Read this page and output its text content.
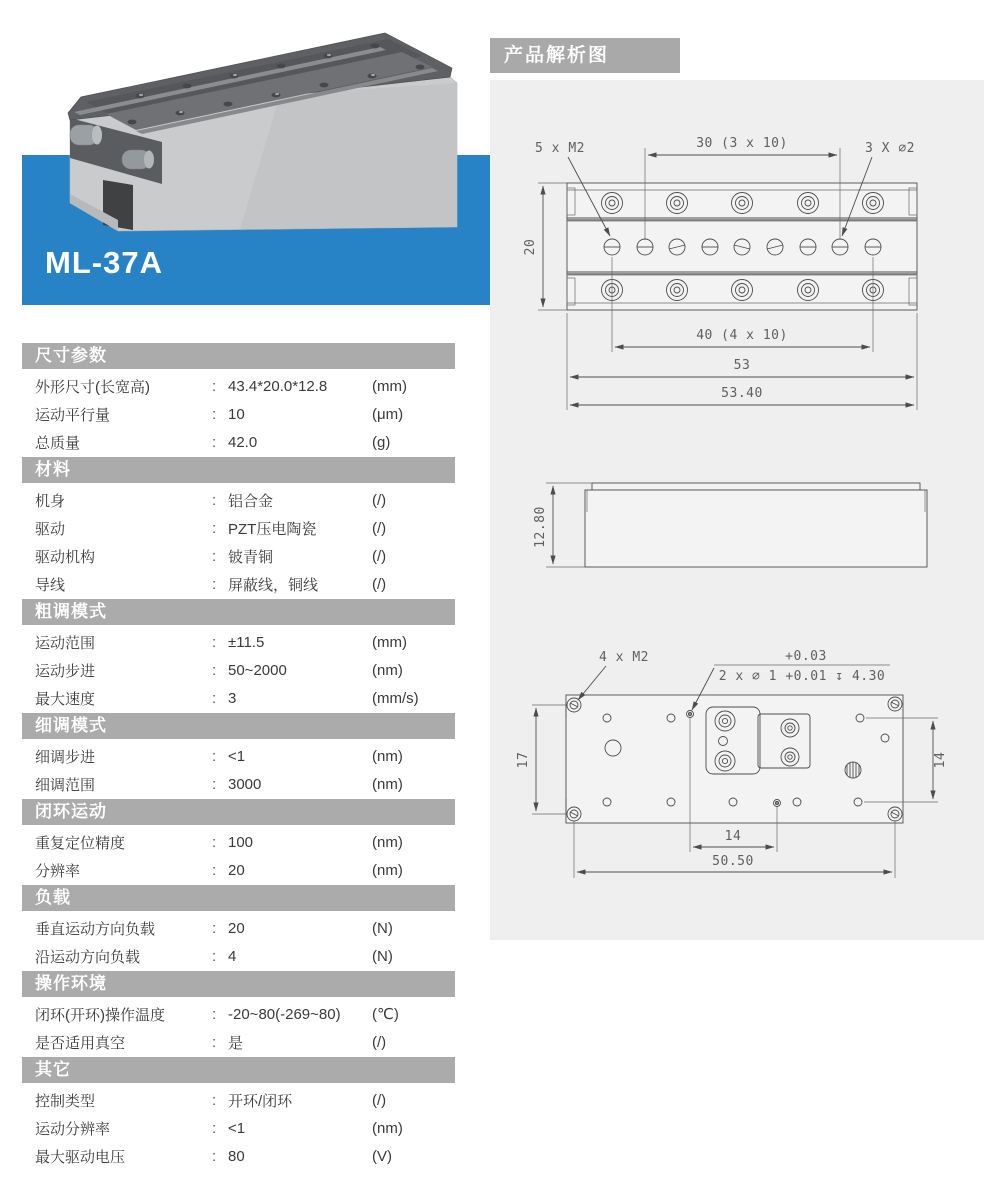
ML-37A
产品解析图
20
5 x M2	30 (3 x 10)	3 X ∅2
40 (4 x 10)
53
53.40
12.80
4 x M2	+0.03
2 x ∅ 1 +0.01 ↧ 4.30
17	14
14
50.50
尺寸参数
外形尺寸(长宽高)	: 43.4*20.0*12.8	(mm)
运动平行量	: 10	(μm)
总质量	: 42.0	(g)
材料
机身	: 铝合金	(/)
驱动	: PZT压电陶瓷	(/)
驱动机构	: 铍青铜	(/)
导线	: 屏蔽线，铜线	(/)
粗调模式
运动范围	: ±11.5	(mm)
运动步进	: 50~2000	(nm)
最大速度	: 3	(mm/s)
细调模式
细调步进	: <1	(nm)
细调范围	: 3000	(nm)
闭环运动
重复定位精度	: 100	(nm)
分辨率	: 20	(nm)
负载
垂直运动方向负载	: 20	(N)
沿运动方向负载	: 4	(N)
操作环境
闭环(开环)操作温度	: -20~80(-269~80)	(℃)
是否适用真空	: 是	(/)
其它
控制类型	: 开环/闭环	(/)
运动分辨率	: <1	(nm)
最大驱动电压	: 80	(V)
